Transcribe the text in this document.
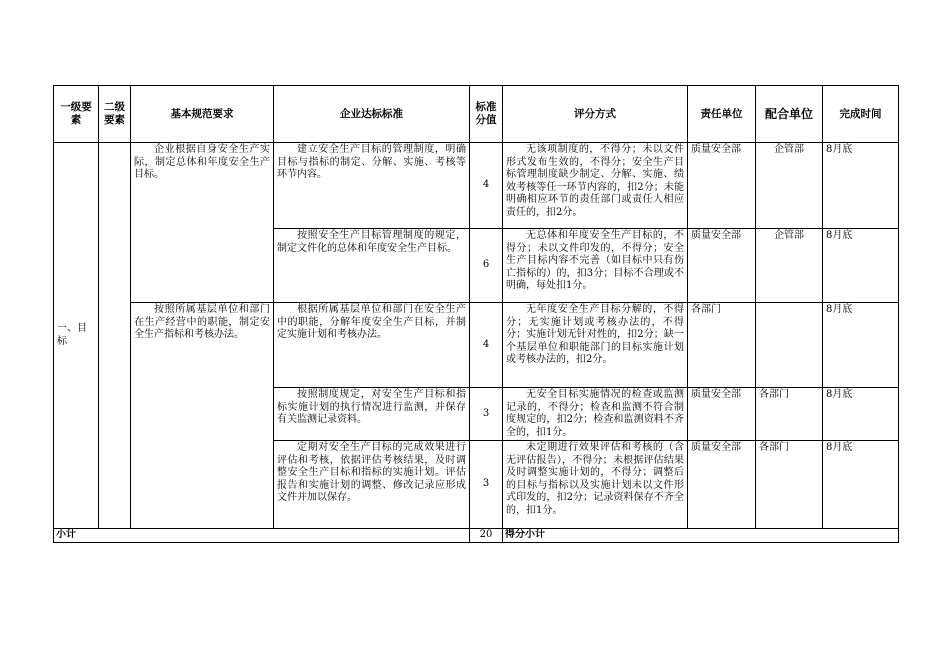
一级要素	二级要素	基本规范要求	企业达标标准	标准分值	评分方式	责任单位	配合单位	完成时间
一、目标		企业根据自身安全生产实际，制定总体和年度安全生产目标。	建立安全生产目标的管理制度，明确目标与指标的制定、分解、实施、考核等环节内容。	4	无该项制度的，不得分；未以文件形式发布生效的，不得分；安全生产目标管理制度缺少制定、分解、实施、绩效考核等任一环节内容的，扣2分；未能明确相应环节的责任部门或责任人相应责任的，扣2分。	质量安全部	企管部	8月底
			按照安全生产目标管理制度的规定，制定文件化的总体和年度安全生产目标。	6	无总体和年度安全生产目标的，不得分；未以文件印发的，不得分；安全生产目标内容不完善（如目标中只有伤亡指标的）的，扣3分；目标不合理或不明确，每处扣1分。	质量安全部	企管部	8月底
		按照所属基层单位和部门在生产经营中的职能，制定安全生产指标和考核办法。	根据所属基层单位和部门在安全生产中的职能，分解年度安全生产目标，并制定实施计划和考核办法。	4	无年度安全生产目标分解的，不得分；无实施计划或考核办法的，不得分；实施计划无针对性的，扣2分；缺一个基层单位和职能部门的目标实施计划或考核办法的，扣2分。	各部门		8月底
			按照制度规定，对安全生产目标和指标实施计划的执行情况进行监测，并保存有关监测记录资料。	3	无安全目标实施情况的检查或监测记录的，不得分；检查和监测不符合制度规定的，扣2分；检查和监测资料不齐全的，扣1分。	质量安全部	各部门	8月底
			定期对安全生产目标的完成效果进行评估和考核，依据评估考核结果，及时调整安全生产目标和指标的实施计划。评估报告和实施计划的调整、修改记录应形成文件并加以保存。	3	未定期进行效果评估和考核的（含无评估报告），不得分；未根据评估结果及时调整实施计划的，不得分；调整后的目标与指标以及实施计划未以文件形式印发的，扣2分；记录资料保存不齐全的，扣1分。	质量安全部	各部门	8月底
小计				20	得分小计			
